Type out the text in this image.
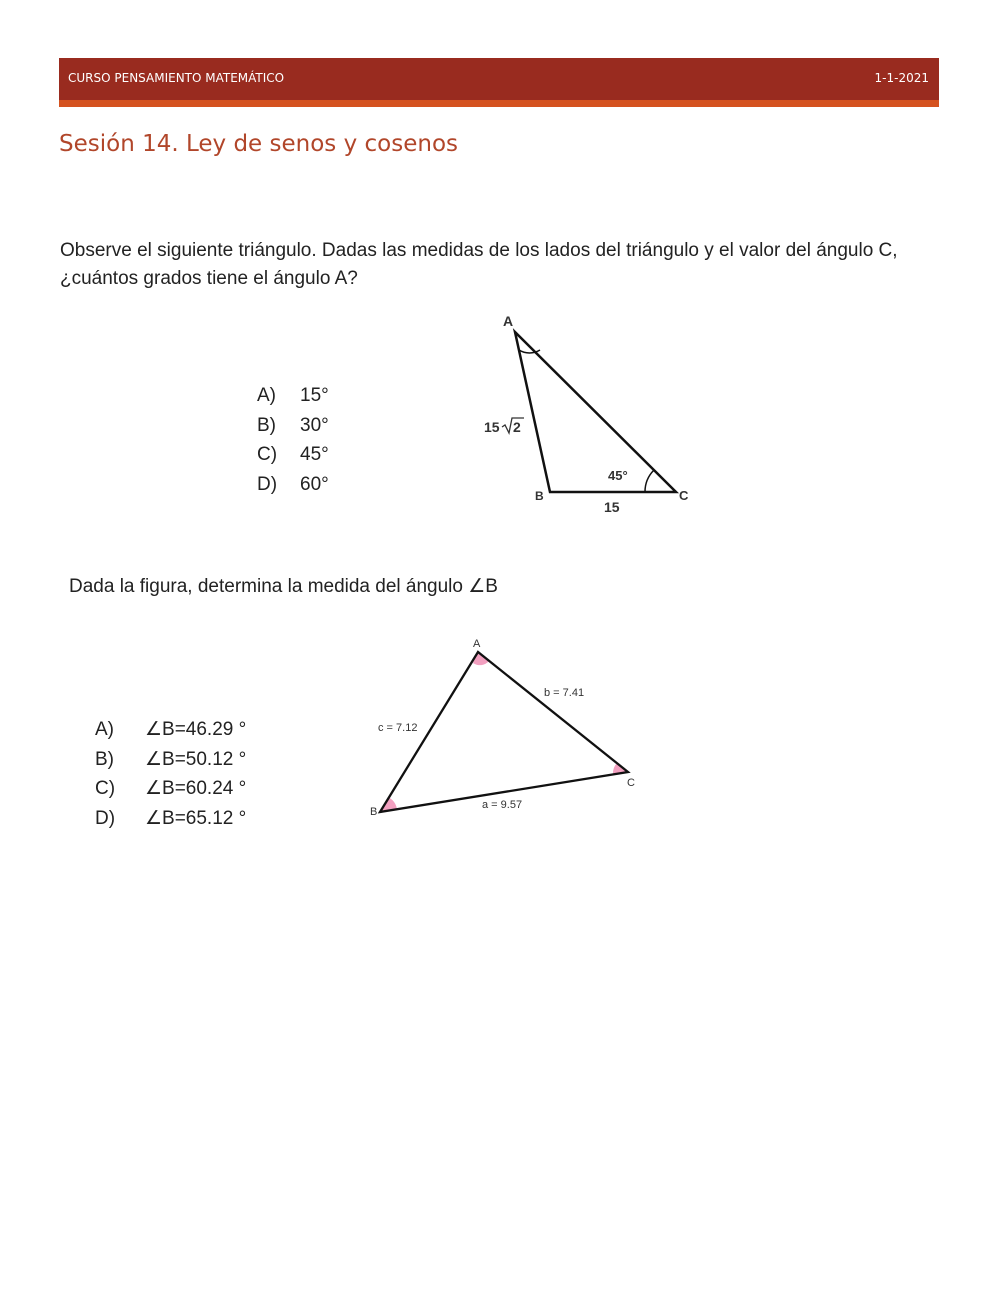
CURSO PENSAMIENTO MATEMÁTICO	1-1-2021
Sesión 14. Ley de senos y cosenos
Observe el siguiente triángulo. Dadas las medidas de los lados del triángulo y el valor del ángulo C, ¿cuántos grados tiene el ángulo A?
A) 15°
B) 30°
C) 45°
D) 60°
A
B	C
15 2
15
45°
Dada la figura, determina la medida del ángulo ∠B
A) ∠B=46.29 °
B) ∠B=50.12 °
C) ∠B=60.24 °
D) ∠B=65.12 °
A
B
C
b = 7.41
c = 7.12
a = 9.57
